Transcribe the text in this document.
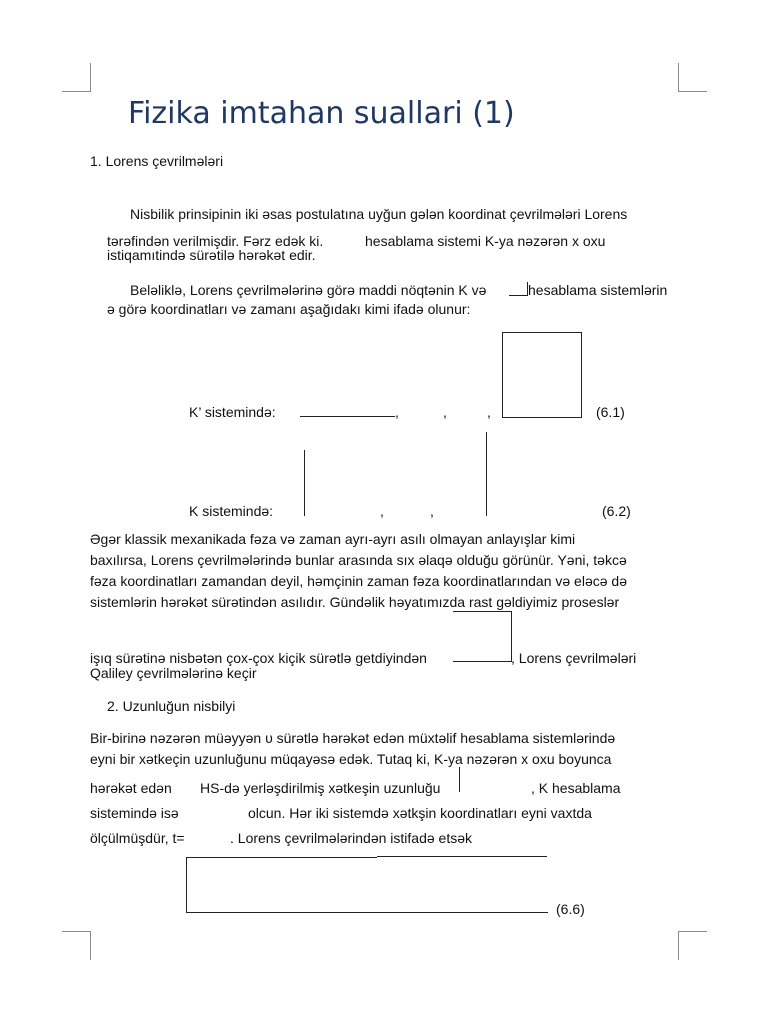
Fizika imtahan suallari (1)
1. Lorens çevrilmələri
Nisbilik prinsipinin iki əsas postulatına uyğun gələn koordinat çevrilmələri Lorens
tərəfindən verilmişdir. Fərz edək ki.	hesablama sistemi K-ya nəzərən x oxu
istiqamıtində sürətilə hərəkət edir.
Beləliklə, Lorens çevrilmələrinə görə maddi nöqtənin K və	hesablama sistemlərin
ə görə koordinatları və zamanı aşağıdakı kimi ifadə olunur:
K’ sistemində:	,	,	,	(6.1)
K sistemində:	,	,	(6.2)
Əgər klassik mexanikada fəza və zaman ayrı-ayrı asılı olmayan anlayışlar kimi
baxılırsa, Lorens çevrilmələrində bunlar arasında sıx əlaqə olduğu görünür. Yəni, təkcə
fəza koordinatları zamandan deyil, həmçinin zaman fəza koordinatlarından və eləcə də
sistemlərin hərəkət sürətindən asılıdır. Gündəlik həyatımızda rast gəldiyimiz proseslər
işıq sürətinə nisbətən çox-çox kiçik sürətlə getdiyindən	, Lorens çevrilmələri
Qaliley çevrilmələrinə keçir
2. Uzunluğun nisbilyi
Bir-birinə nəzərən müəyyən υ sürətlə hərəkət edən müxtəlif hesablama sistemlərində
eyni bir xətkeçin uzunluğunu müqayəsə edək. Tutaq ki, K-ya nəzərən x oxu boyunca
hərəkət edən HS-də yerləşdirilmiş xətkeşin uzunluğu	, K hesablama
sistemində isə	olcun. Hər iki sistemdə xətkşin koordinatları eyni vaxtda
ölçülmüşdür, t=	. Lorens çevrilmələrindən istifadə etsək
(6.6)
